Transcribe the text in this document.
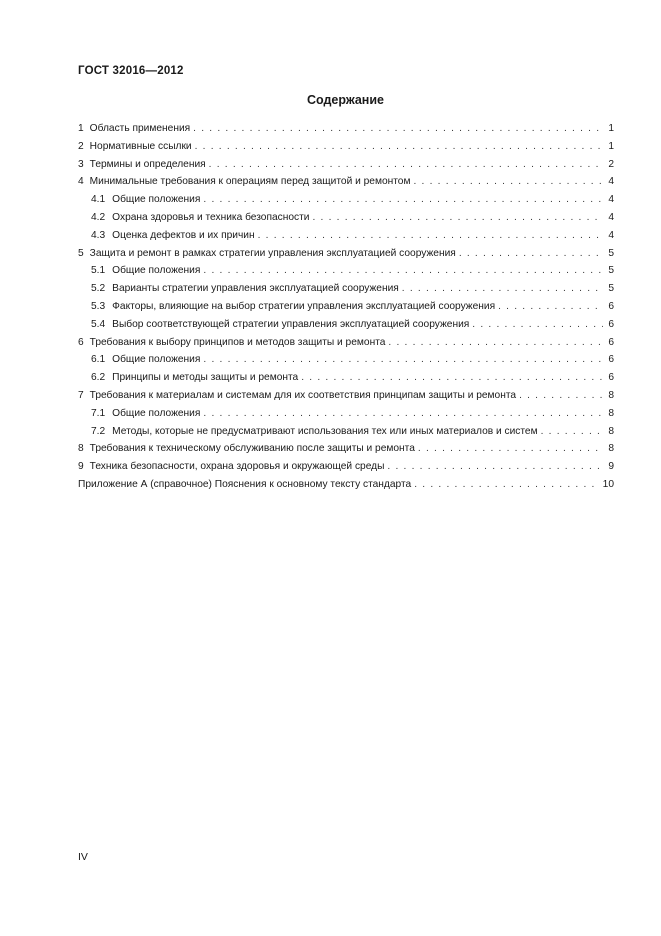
ГОСТ 32016—2012
Содержание
1 Область применения . . .	1
2 Нормативные ссылки . . .	1
3 Термины и определения . . .	2
4 Минимальные требования к операциям перед защитой и ремонтом . . .	4
4.1 Общие положения . . .	4
4.2 Охрана здоровья и техника безопасности . . .	4
4.3 Оценка дефектов и их причин . . .	4
5 Защита и ремонт в рамках стратегии управления эксплуатацией сооружения . . .	5
5.1 Общие положения . . .	5
5.2 Варианты стратегии управления эксплуатацией сооружения . . .	5
5.3 Факторы, влияющие на выбор стратегии управления эксплуатацией сооружения . . .	6
5.4 Выбор соответствующей стратегии управления эксплуатацией сооружения . . .	6
6 Требования к выбору принципов и методов защиты и ремонта . . .	6
6.1 Общие положения . . .	6
6.2 Принципы и методы защиты и ремонта . . .	6
7 Требования к материалам и системам для их соответствия принципам защиты и ремонта . . .	8
7.1 Общие положения . . .	8
7.2 Методы, которые не предусматривают использования тех или иных материалов и систем . . .	8
8 Требования к техническому обслуживанию после защиты и ремонта . . .	8
9 Техника безопасности, охрана здоровья и окружающей среды . . .	9
Приложение А (справочное) Пояснения к основному тексту стандарта . . .	10
IV
